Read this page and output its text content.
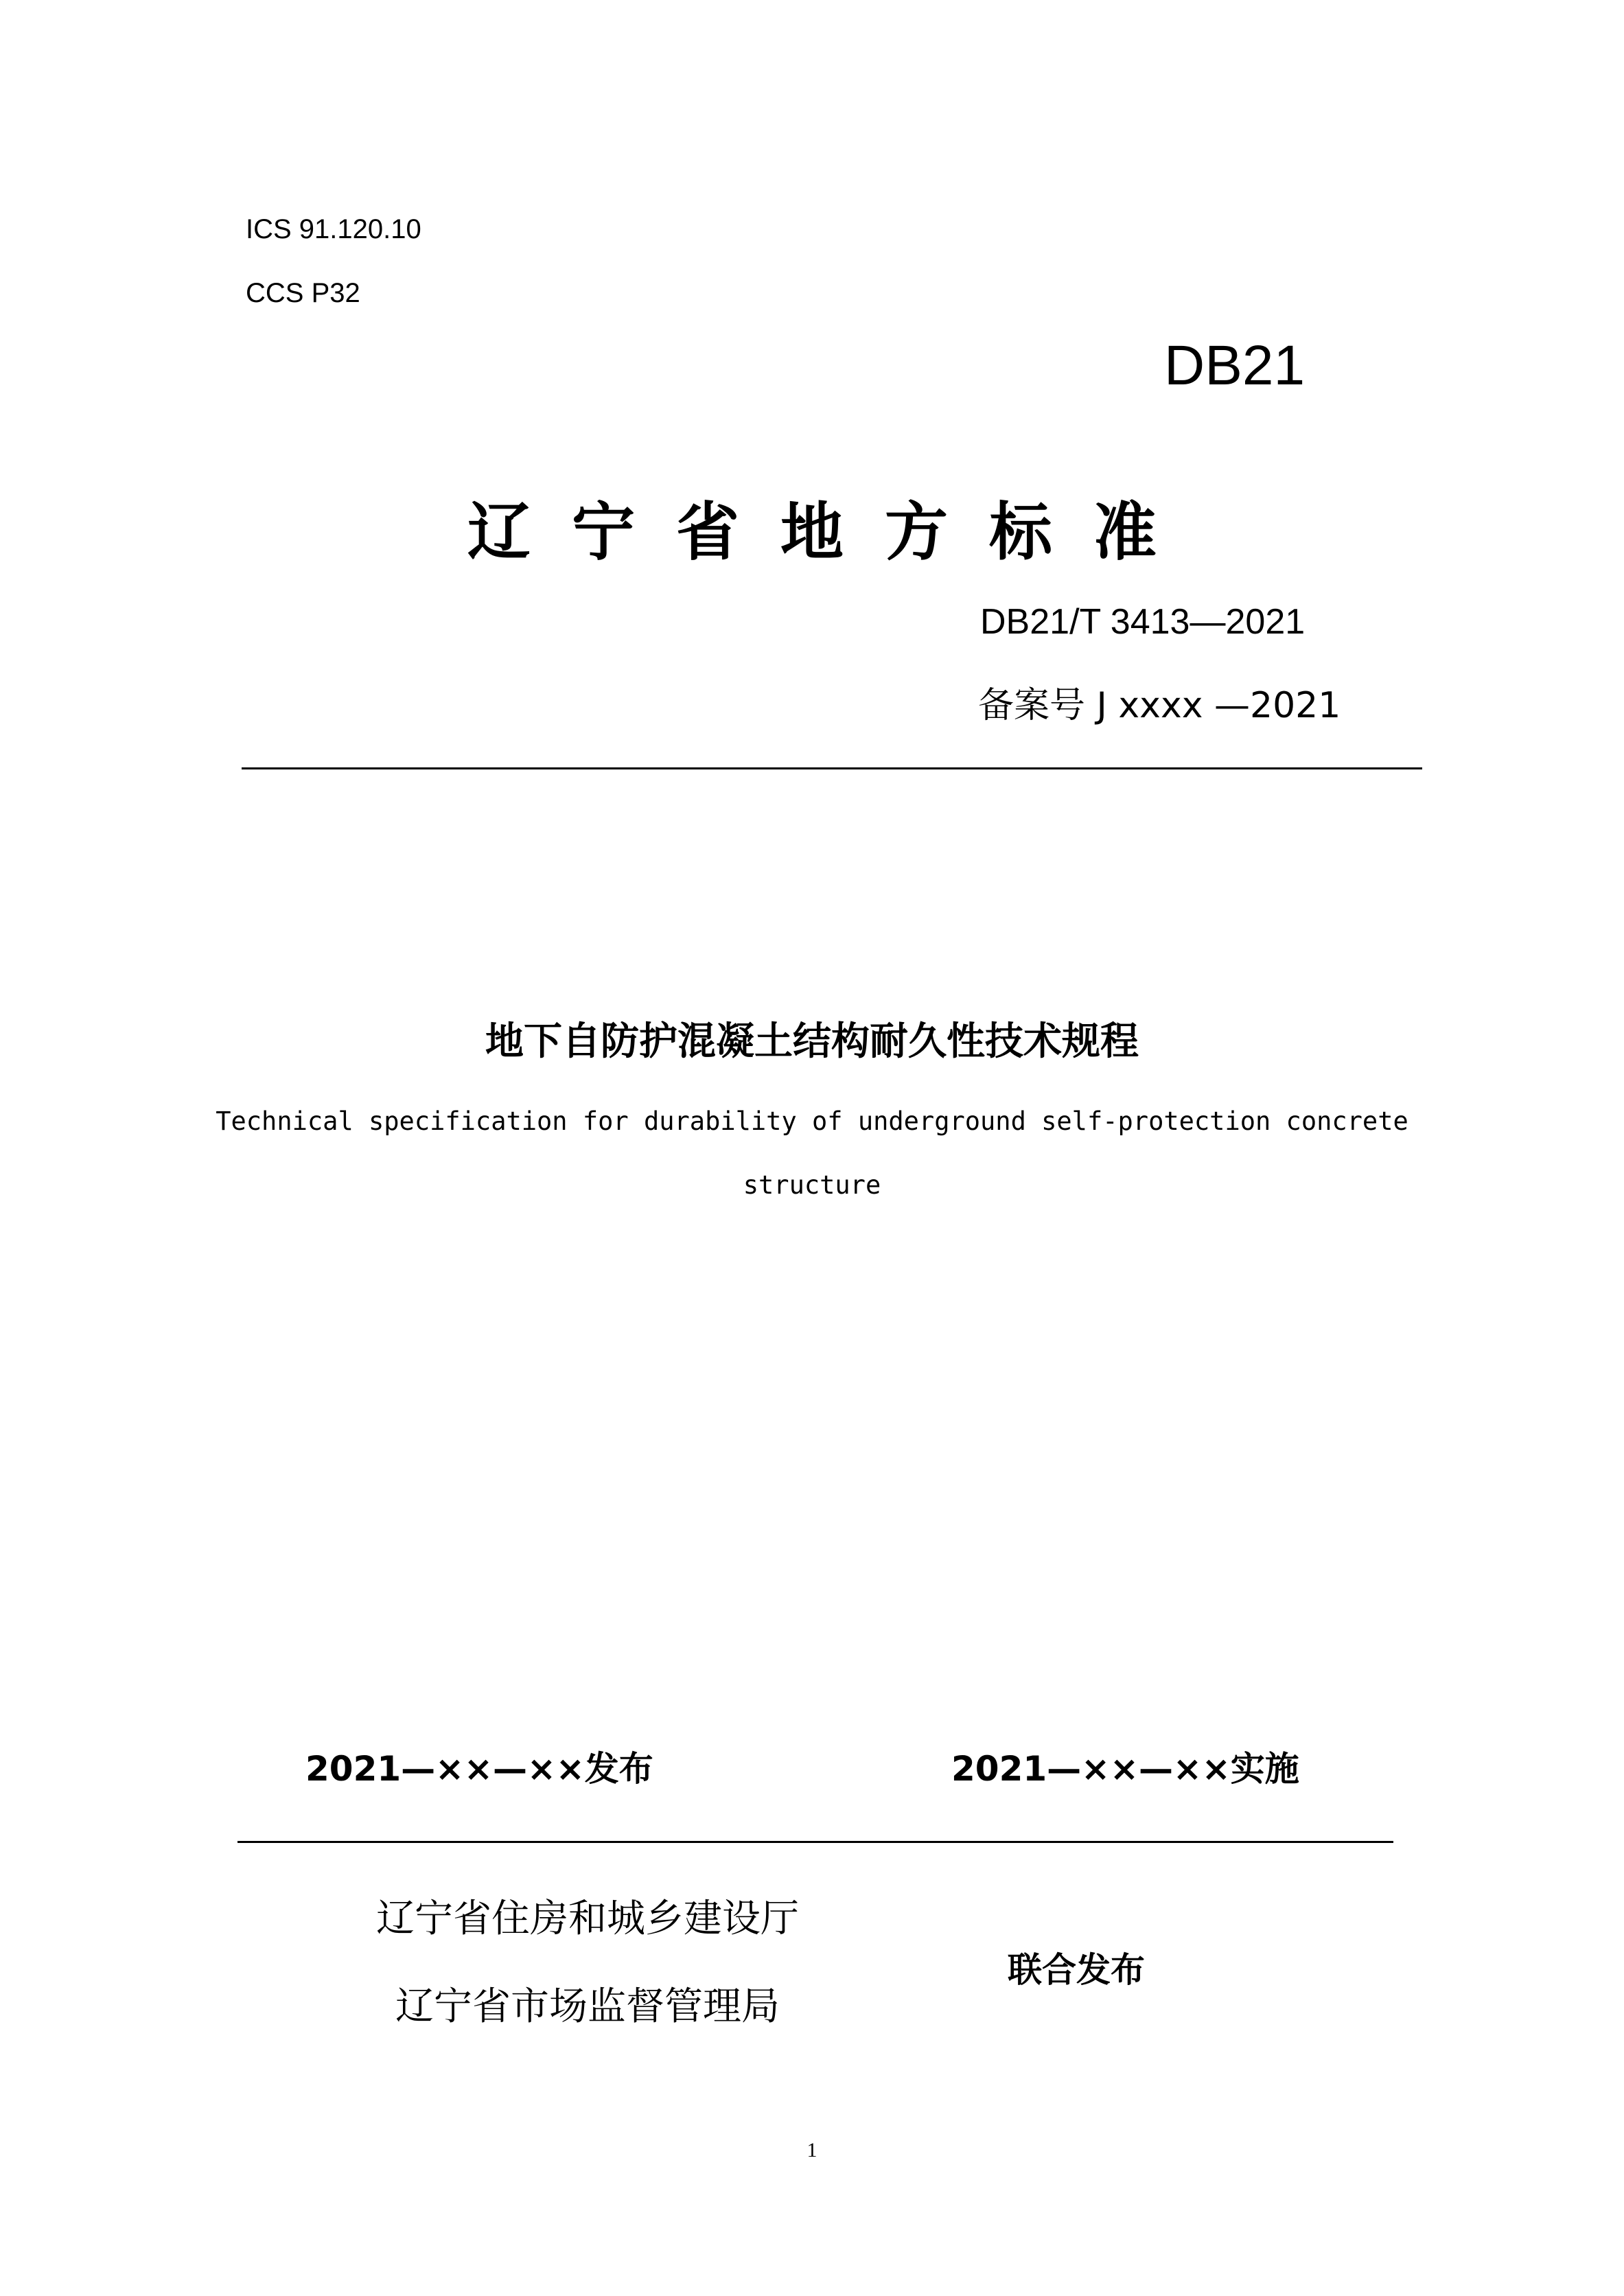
ICS 91.120.10
CCS P32
DB21
辽宁省地方标准
DB21/T 3413—2021
备案号 J xxxx —2021
地下自防护混凝土结构耐久性技术规程
Technical specification for durability of underground self-protection concrete
structure
2021—××—××发布	2021—××—××实施
辽宁省住房和城乡建设厅
辽宁省市场监督管理局
联合发布
1
